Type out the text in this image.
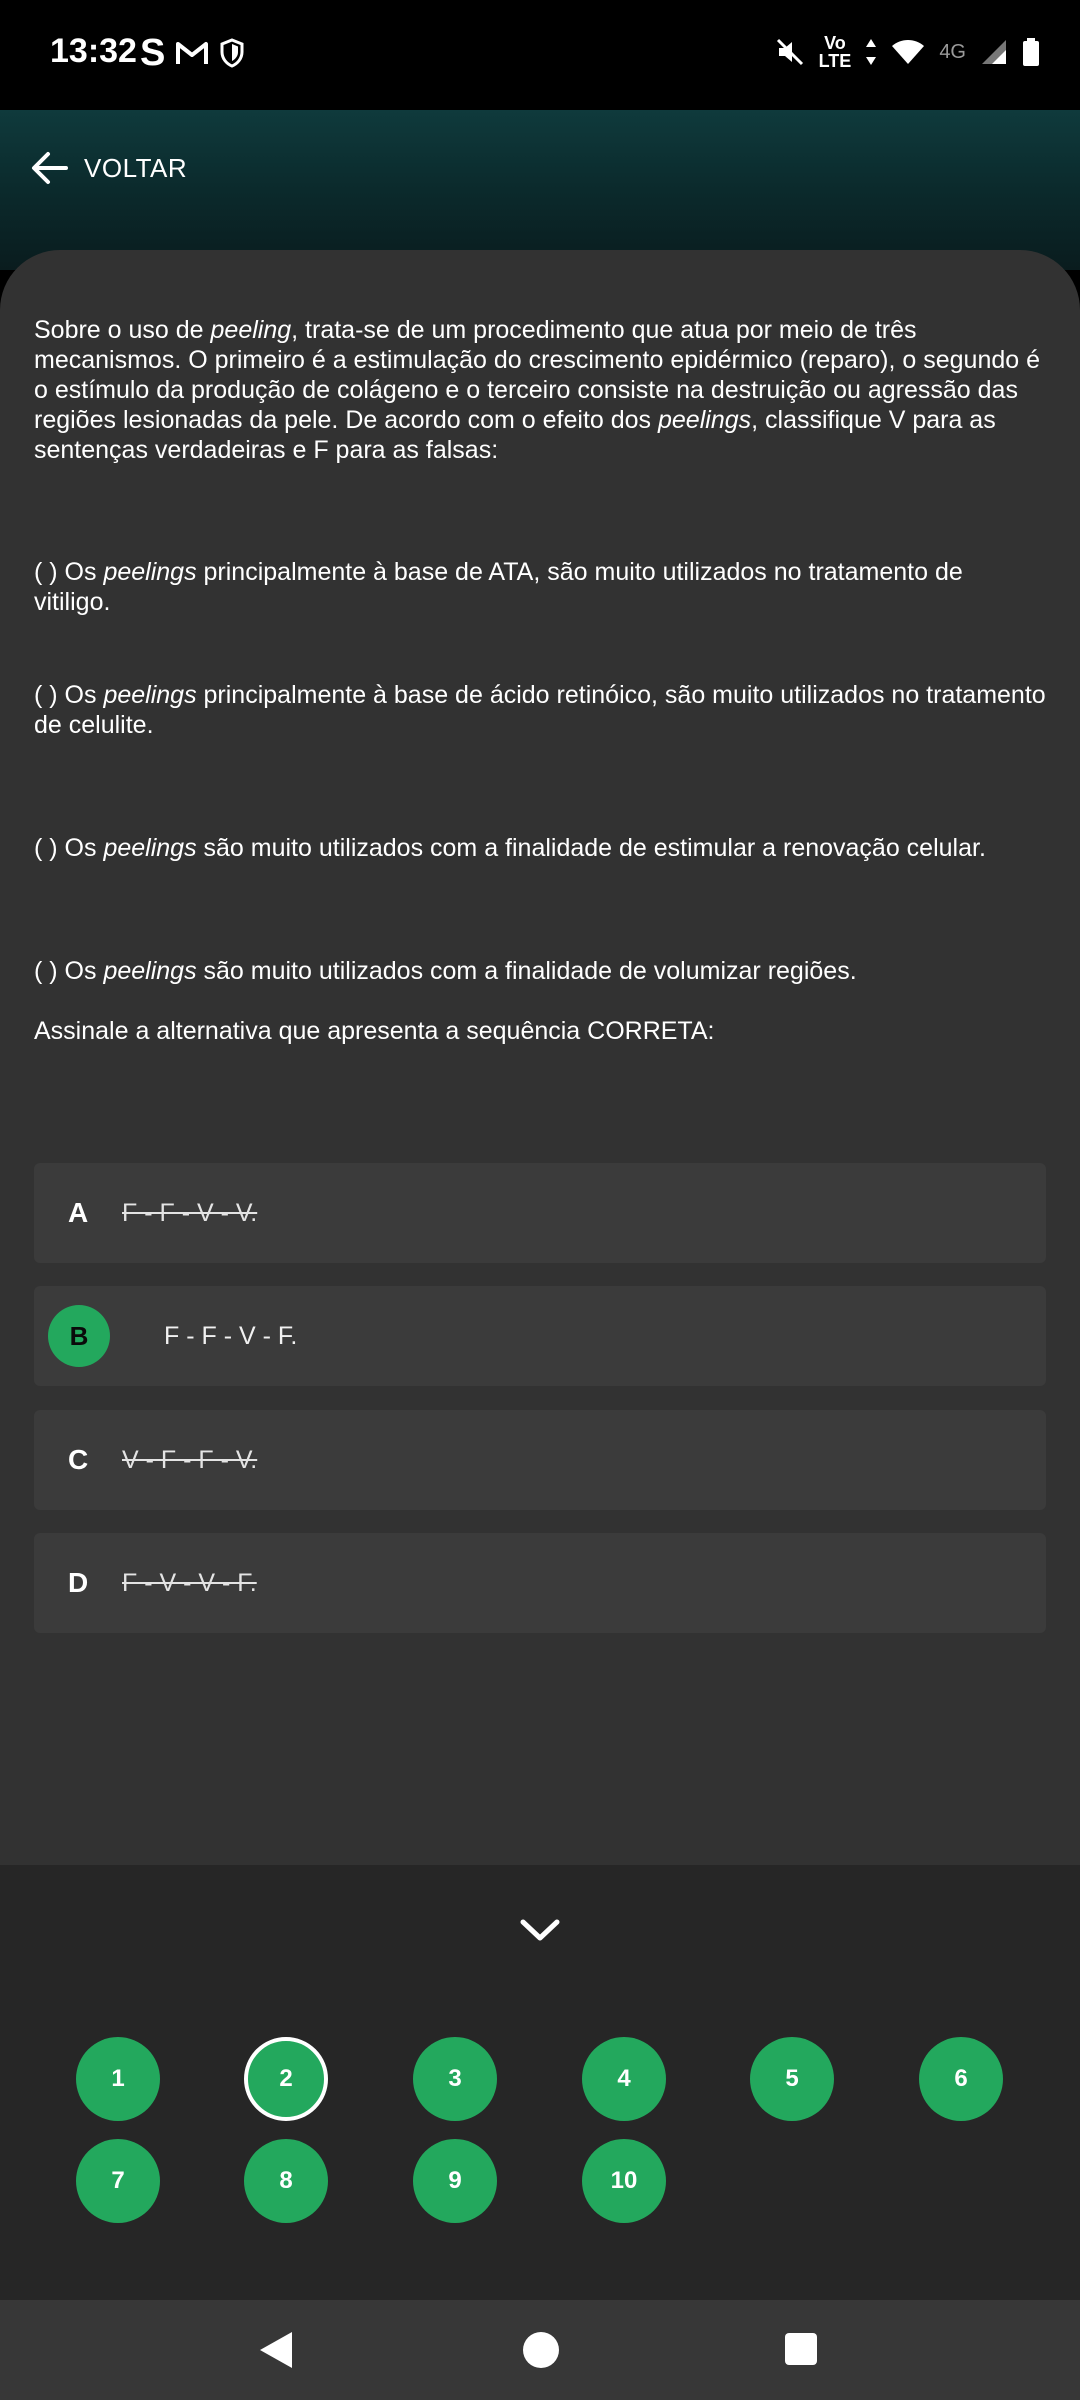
13:32 S	Vo
LTE	4G
VOLTAR

Sobre o uso de peeling, trata-se de um procedimento que atua por meio de três mecanismos. O primeiro é a estimulação do crescimento epidérmico (reparo), o segundo é o estímulo da produção de colágeno e o terceiro consiste na destruição ou agressão das regiões lesionadas da pele. De acordo com o efeito dos peelings, classifique V para as sentenças verdadeiras e F para as falsas:

( ) Os peelings principalmente à base de ATA, são muito utilizados no tratamento de vitiligo.

( ) Os peelings principalmente à base de ácido retinóico, são muito utilizados no tratamento de celulite.

( ) Os peelings são muito utilizados com a finalidade de estimular a renovação celular.

( ) Os peelings são muito utilizados com a finalidade de volumizar regiões.

Assinale a alternativa que apresenta a sequência CORRETA:

A	F - F - V - V.
B	F - F - V - F.
C	V - F - F - V.
D	F - V - V - F.
1	2	3	4	5	6
7	8	9	10
